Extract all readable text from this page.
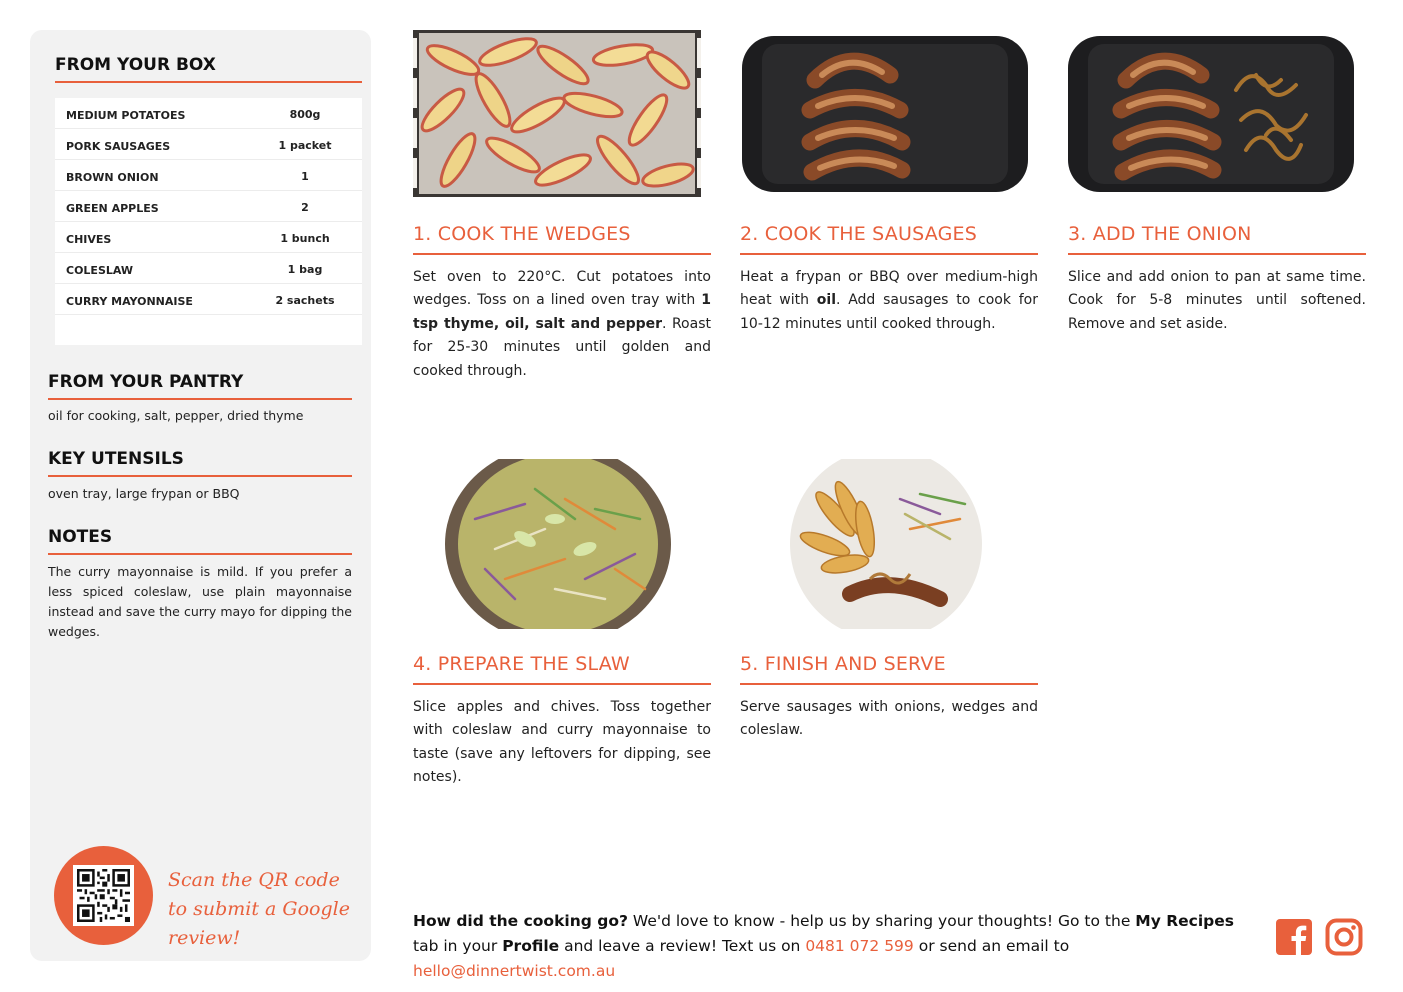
FROM YOUR BOX
MEDIUM POTATOES	800g
PORK SAUSAGES	1 packet
BROWN ONION	1
GREEN APPLES	2
CHIVES	1 bunch
COLESLAW	1 bag
CURRY MAYONNAISE	2 sachets
FROM YOUR PANTRY
oil for cooking, salt, pepper, dried thyme
KEY UTENSILS
oven tray, large frypan or BBQ
NOTES
The curry mayonnaise is mild. If you prefer a less spiced coleslaw, use plain mayonnaise instead and save the curry mayo for dipping the wedges.
Scan the QR code to submit a Google review!
1. COOK THE WEDGES
Set oven to 220°C. Cut potatoes into wedges. Toss on a lined oven tray with 1 tsp thyme, oil, salt and pepper. Roast for 25-30 minutes until golden and cooked through.
2. COOK THE SAUSAGES
Heat a frypan or BBQ over medium-high heat with oil. Add sausages to cook for 10-12 minutes until cooked through.
3. ADD THE ONION
Slice and add onion to pan at same time. Cook for 5-8 minutes until softened. Remove and set aside.
4. PREPARE THE SLAW
Slice apples and chives. Toss together with coleslaw and curry mayonnaise to taste (save any leftovers for dipping, see notes).
5. FINISH AND SERVE
Serve sausages with onions, wedges and coleslaw.
How did the cooking go? We'd love to know - help us by sharing your thoughts! Go to the My Recipes tab in your Profile and leave a review! Text us on 0481 072 599 or send an email to hello@dinnertwist.com.au
